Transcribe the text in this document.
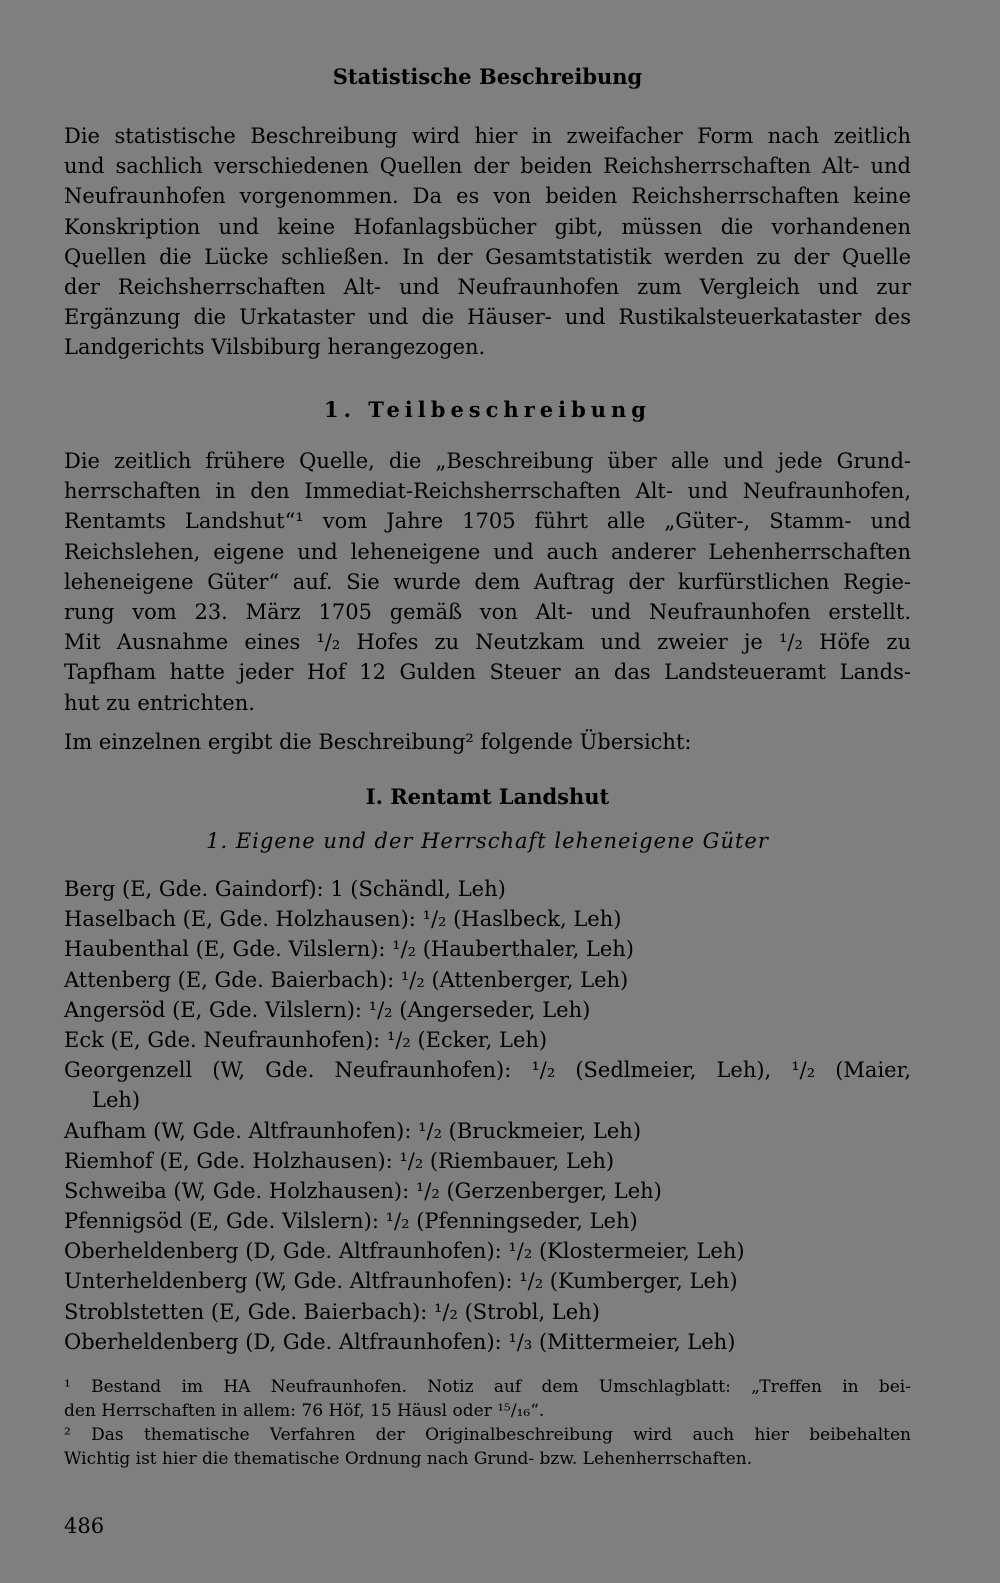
Statistische Beschreibung
Die statistische Beschreibung wird hier in zweifacher Form nach zeitlich
und sachlich verschiedenen Quellen der beiden Reichsherrschaften Alt- und
Neufraunhofen vorgenommen. Da es von beiden Reichsherrschaften keine
Konskription und keine Hofanlagsbücher gibt, müssen die vorhandenen
Quellen die Lücke schließen. In der Gesamtstatistik werden zu der Quelle
der Reichsherrschaften Alt- und Neufraunhofen zum Vergleich und zur
Ergänzung die Urkataster und die Häuser- und Rustikalsteuerkataster des
Landgerichts Vilsbiburg herangezogen.
1. Teilbeschreibung
Die zeitlich frühere Quelle, die „Beschreibung über alle und jede Grund-
herrschaften in den Immediat-Reichsherrschaften Alt- und Neufraunhofen,
Rentamts Landshut“¹ vom Jahre 1705 führt alle „Güter-, Stamm- und
Reichslehen, eigene und leheneigene und auch anderer Lehenherrschaften
leheneigene Güter“ auf. Sie wurde dem Auftrag der kurfürstlichen Regie-
rung vom 23. März 1705 gemäß von Alt- und Neufraunhofen erstellt.
Mit Ausnahme eines ¹/₂ Hofes zu Neutzkam und zweier je ¹/₂ Höfe zu
Tapfham hatte jeder Hof 12 Gulden Steuer an das Landsteueramt Lands-
hut zu entrichten.
Im einzelnen ergibt die Beschreibung² folgende Übersicht:
I. Rentamt Landshut
1. Eigene und der Herrschaft leheneigene Güter
Berg (E, Gde. Gaindorf): 1 (Schändl, Leh)
Haselbach (E, Gde. Holzhausen): ¹/₂ (Haslbeck, Leh)
Haubenthal (E, Gde. Vilslern): ¹/₂ (Hauberthaler, Leh)
Attenberg (E, Gde. Baierbach): ¹/₂ (Attenberger, Leh)
Angersöd (E, Gde. Vilslern): ¹/₂ (Angerseder, Leh)
Eck (E, Gde. Neufraunhofen): ¹/₂ (Ecker, Leh)
Georgenzell (W, Gde. Neufraunhofen): ¹/₂ (Sedlmeier, Leh), ¹/₂ (Maier,
Leh)
Aufham (W, Gde. Altfraunhofen): ¹/₂ (Bruckmeier, Leh)
Riemhof (E, Gde. Holzhausen): ¹/₂ (Riembauer, Leh)
Schweiba (W, Gde. Holzhausen): ¹/₂ (Gerzenberger, Leh)
Pfennigsöd (E, Gde. Vilslern): ¹/₂ (Pfenningseder, Leh)
Oberheldenberg (D, Gde. Altfraunhofen): ¹/₂ (Klostermeier, Leh)
Unterheldenberg (W, Gde. Altfraunhofen): ¹/₂ (Kumberger, Leh)
Stroblstetten (E, Gde. Baierbach): ¹/₂ (Strobl, Leh)
Oberheldenberg (D, Gde. Altfraunhofen): ¹/₃ (Mittermeier, Leh)
¹ Bestand im HA Neufraunhofen. Notiz auf dem Umschlagblatt: „Treffen in bei-
den Herrschaften in allem: 76 Höf, 15 Häusl oder ¹⁵/₁₆“.
² Das thematische Verfahren der Originalbeschreibung wird auch hier beibehalten
Wichtig ist hier die thematische Ordnung nach Grund- bzw. Lehenherrschaften.
486
